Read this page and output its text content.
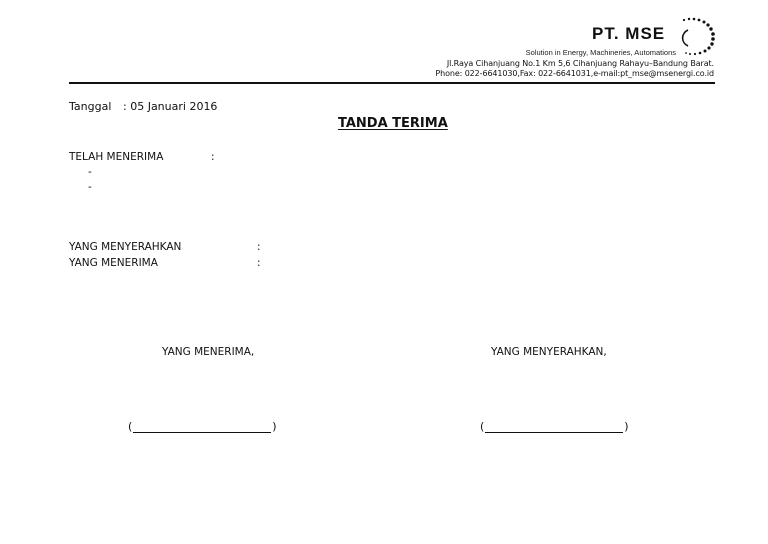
PT. MSE
Solution in Energy, Machineries, Automations
Jl.Raya Cihanjuang No.1 Km 5,6 Cihanjuang Rahayu–Bandung Barat.
Phone: 022-6641030,Fax: 022-6641031,e-mail:pt_mse@msenergi.co.id
Tanggal : 05 Januari 2016
TANDA TERIMA
TELAH MENERIMA	:
-
-
YANG MENYERAHKAN	:
YANG MENERIMA	:
YANG MENERIMA,	YANG MENYERAHKAN,
(	)	(	)
